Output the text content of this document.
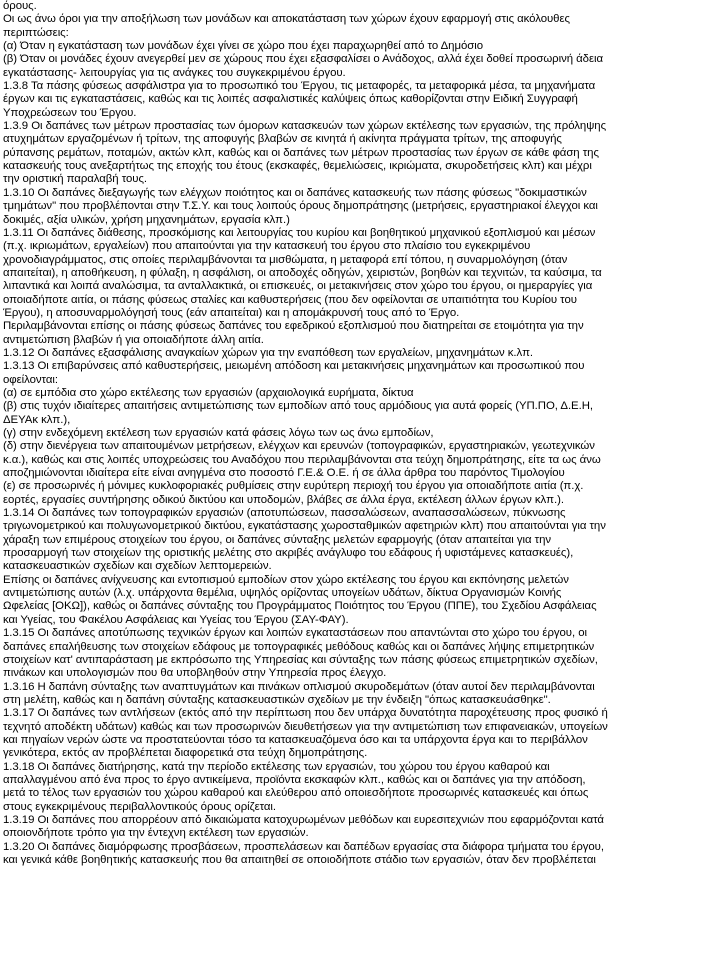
όρους.
Οι ως άνω όροι για την αποξήλωση των μονάδων και αποκατάσταση των χώρων έχουν εφαρμογή στις ακόλουθες
περιπτώσεις:
(α) Όταν η εγκατάσταση των μονάδων έχει γίνει σε χώρο που έχει παραχωρηθεί από το Δημόσιο
(β) Όταν οι μονάδες έχουν ανεγερθεί μεν σε χώρους που έχει εξασφαλίσει ο Ανάδοχος, αλλά έχει δοθεί προσωρινή άδεια
εγκατάστασης- λειτουργίας για τις ανάγκες του συγκεκριμένου έργου.
1.3.8 Τα πάσης φύσεως ασφάλιστρα για το προσωπικό του Έργου, τις μεταφορές, τα μεταφορικά μέσα, τα μηχανήματα
έργων και τις εγκαταστάσεις, καθώς και τις λοιπές ασφαλιστικές καλύψεις όπως καθορίζονται στην Ειδική Συγγραφή
Υποχρεώσεων του Έργου.
1.3.9 Οι δαπάνες των μέτρων προστασίας των όμορων κατασκευών των χώρων εκτέλεσης των εργασιών, της πρόληψης
ατυχημάτων εργαζομένων ή τρίτων, της αποφυγής βλαβών σε κινητά ή ακίνητα πράγματα τρίτων, της αποφυγής
ρύπανσης ρεμάτων, ποταμών, ακτών κλπ, καθώς και οι δαπάνες των μέτρων προστασίας των έργων σε κάθε φάση της
κατασκευής τους ανεξαρτήτως της εποχής του έτους (εκσκαφές, θεμελιώσεις, ικριώματα, σκυροδετήσεις κλπ) και μέχρι
την οριστική παραλαβή τους.
1.3.10 Οι δαπάνες διεξαγωγής των ελέγχων ποιότητος και οι δαπάνες κατασκευής των πάσης φύσεως "δοκιμαστικών
τμημάτων" που προβλέπονται στην Τ.Σ.Υ. και τους λοιπούς όρους δημοπράτησης (μετρήσεις, εργαστηριακοί έλεγχοι και
δοκιμές, αξία υλικών, χρήση μηχανημάτων, εργασία κλπ.)
1.3.11 Οι δαπάνες διάθεσης, προσκόμισης και λειτουργίας του κυρίου και βοηθητικού μηχανικού εξοπλισμού και μέσων
(π.χ. ικριωμάτων, εργαλείων) που απαιτούνται για την κατασκευή του έργου στο πλαίσιο του εγκεκριμένου
χρονοδιαγράμματος, στις οποίες περιλαμβάνονται τα μισθώματα, η μεταφορά επί τόπου, η συναρμολόγηση (όταν
απαιτείται), η αποθήκευση, η φύλαξη, η ασφάλιση, οι αποδοχές οδηγών, χειριστών, βοηθών και τεχνιτών, τα καύσιμα, τα
λιπαντικά και λοιπά αναλώσιμα, τα ανταλλακτικά, οι επισκευές, οι μετακινήσεις στον χώρο του έργου, οι ημεραργίες για
οποιαδήποτε αιτία, οι πάσης φύσεως σταλίες και καθυστερήσεις (που δεν οφείλονται σε υπαιτιότητα του Κυρίου του
Έργου), η αποσυναρμολόγησή τους (εάν απαιτείται) και η απομάκρυνσή τους από το Έργο.
Περιλαμβάνονται επίσης οι πάσης φύσεως δαπάνες του εφεδρικού εξοπλισμού που διατηρείται σε ετοιμότητα για την
αντιμετώπιση βλαβών ή για οποιαδήποτε άλλη αιτία.
1.3.12 Οι δαπάνες εξασφάλισης αναγκαίων χώρων για την εναπόθεση των εργαλείων, μηχανημάτων κ.λπ.
1.3.13 Οι επιβαρύνσεις από καθυστερήσεις, μειωμένη απόδοση και μετακινήσεις μηχανημάτων και προσωπικού που
οφείλονται:
(α) σε εμπόδια στο χώρο εκτέλεσης των εργασιών (αρχαιολογικά ευρήματα, δίκτυα
(β) στις τυχόν ιδιαίτερες απαιτήσεις αντιμετώπισης των εμποδίων από τους αρμόδιους για αυτά φορείς (ΥΠ.ΠΟ, Δ.Ε.Η,
ΔΕΥΑκ κλπ.),
(γ) στην ενδεχόμενη εκτέλεση των εργασιών κατά φάσεις λόγω των ως άνω εμποδίων,
(δ) στην διενέργεια των απαιτουμένων μετρήσεων, ελέγχων και ερευνών (τοπογραφικών, εργαστηριακών, γεωτεχνικών
κ.α.), καθώς και στις λοιπές υποχρεώσεις του Αναδόχου που περιλαμβάνονται στα τεύχη δημοπράτησης, είτε τα ως άνω
αποζημιώνονται ιδιαίτερα είτε είναι ανηγμένα στο ποσοστό Γ.Ε.& Ο.Ε. ή σε άλλα άρθρα του παρόντος Τιμολογίου
(ε) σε προσωρινές ή μόνιμες κυκλοφοριακές ρυθμίσεις στην ευρύτερη περιοχή του έργου για οποιαδήποτε αιτία (π.χ.
εορτές, εργασίες συντήρησης οδικού δικτύου και υποδομών, βλάβες σε άλλα έργα, εκτέλεση άλλων έργων κλπ.).
1.3.14 Οι δαπάνες των τοπογραφικών εργασιών (αποτυπώσεων, πασσαλώσεων, αναπασσαλώσεων, πύκνωσης
τριγωνομετρικού και πολυγωνομετρικού δικτύου, εγκατάστασης χωροσταθμικών αφετηριών κλπ) που απαιτούνται για την
χάραξη των επιμέρους στοιχείων του έργου, οι δαπάνες σύνταξης μελετών εφαρμογής (όταν απαιτείται για την
προσαρμογή των στοιχείων της οριστικής μελέτης στο ακριβές ανάγλυφο του εδάφους ή υφιστάμενες κατασκευές),
κατασκευαστικών σχεδίων και σχεδίων λεπτομερειών.
Επίσης οι δαπάνες ανίχνευσης και εντοπισμού εμποδίων στον χώρο εκτέλεσης του έργου και εκπόνησης μελετών
αντιμετώπισης αυτών (λ.χ. υπάρχοντα θεμέλια, υψηλός ορίζοντας υπογείων υδάτων, δίκτυα Οργανισμών Κοινής
Ωφελείας [ΟΚΩ]), καθώς οι δαπάνες σύνταξης του Προγράμματος Ποιότητος του Έργου (ΠΠΕ), του Σχεδίου Ασφάλειας
και Υγείας, του Φακέλου Ασφάλειας και Υγείας του Έργου (ΣΑΥ-ΦΑΥ).
1.3.15 Οι δαπάνες αποτύπωσης τεχνικών έργων και λοιπών εγκαταστάσεων που απαντώνται στο χώρο του έργου, οι
δαπάνες επαλήθευσης των στοιχείων εδάφους με τοπογραφικές μεθόδους καθώς και οι δαπάνες λήψης επιμετρητικών
στοιχείων κατ' αντιπαράσταση με εκπρόσωπο της Υπηρεσίας και σύνταξης των πάσης φύσεως επιμετρητικών σχεδίων,
πινάκων και υπολογισμών που θα υποβληθούν στην Υπηρεσία προς έλεγχο.
1.3.16 Η δαπάνη σύνταξης των αναπτυγμάτων και πινάκων οπλισμού σκυροδεμάτων (όταν αυτοί δεν περιλαμβάνονται
στη μελέτη, καθώς και η δαπάνη σύνταξης κατασκευαστικών σχεδίων με την ένδειξη "όπως κατασκευάσθηκε".
1.3.17 Οι δαπάνες των αντλήσεων (εκτός από την περίπτωση που δεν υπάρχα δυνατότητα παροχέτευσης προς φυσικό ή
τεχνητό αποδέκτη υδάτων) καθώς και των προσωρινών διευθετήσεων για την αντιμετώπιση των επιφανειακών, υπογείων
και πηγαίων νερών ώστε να προστατεύονται τόσο τα κατασκευαζόμενα όσο και τα υπάρχοντα έργα και το περιβάλλον
γενικότερα, εκτός αν προβλέπεται διαφορετικά στα τεύχη δημοπράτησης.
1.3.18 Οι δαπάνες διατήρησης, κατά την περίοδο εκτέλεσης των εργασιών, του χώρου του έργου καθαρού και
απαλλαγμένου από ένα προς το έργο αντικείμενα, προϊόντα εκσκαφών κλπ., καθώς και οι δαπάνες για την απόδοση,
μετά το τέλος των εργασιών του χώρου καθαρού και ελεύθερου από οποιεσδήποτε προσωρινές κατασκευές και όπως
στους εγκεκριμένους περιβαλλοντικούς όρους ορίζεται.
1.3.19 Οι δαπάνες που απορρέουν από δικαιώματα κατοχυρωμένων μεθόδων και ευρεσιτεχνιών που εφαρμόζονται κατά
οποιονδήποτε τρόπο για την έντεχνη εκτέλεση των εργασιών.
1.3.20 Οι δαπάνες διαμόρφωσης προσβάσεων, προσπελάσεων και δαπέδων εργασίας στα διάφορα τμήματα του έργου,
και γενικά κάθε βοηθητικής κατασκευής που θα απαιτηθεί σε οποιοδήποτε στάδιο των εργασιών, όταν δεν προβλέπεται
